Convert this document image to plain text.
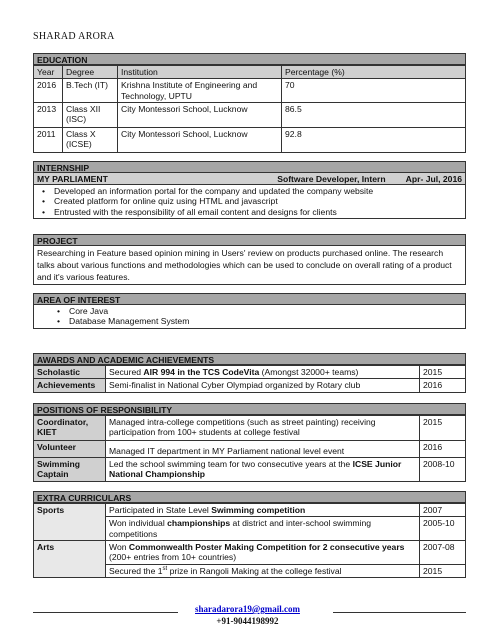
SHARAD ARORA
EDUCATION
Year	Degree	Institution	Percentage (%)
2016	B.Tech (IT)	Krishna Institute of Engineering and Technology, UPTU	70
2013	Class XII (ISC)	City Montessori School, Lucknow	86.5
2011	Class X (ICSE)	City Montessori School, Lucknow	92.8
INTERNSHIP
MY PARLIAMENT	Software Developer, Intern Apr- Jul, 2016
• Developed an information portal for the company and updated the company website
• Created platform for online quiz using HTML and javascript
• Entrusted with the responsibility of all email content and designs for clients
PROJECT
Researching in Feature based opinion mining in Users' review on products purchased online. The research talks about various functions and methodologies which can be used to conclude on overall rating of a product and it's various features.
AREA OF INTEREST
• Core Java
• Database Management System
AWARDS AND ACADEMIC ACHIEVEMENTS
Scholastic	Secured AIR 994 in the TCS CodeVita (Amongst 32000+ teams)	2015
Achievements	Semi-finalist in National Cyber Olympiad organized by Rotary club	2016
POSITIONS OF RESPONSIBILITY
Coordinator, KIET	Managed intra-college competitions (such as street painting) receiving participation from 100+ students at college festival	2015
Volunteer	Managed IT department in MY Parliament national level event	2016
Swimming Captain	Led the school swimming team for two consecutive years at the ICSE Junior National Championship	2008-10
EXTRA CURRICULARS
Sports	Participated in State Level Swimming competition	2007
	Won individual championships at district and inter-school swimming competitions	2005-10
Arts	Won Commonwealth Poster Making Competition for 2 consecutive years (200+ entries from 10+ countries)	2007-08
	Secured the 1st prize in Rangoli Making at the college festival	2015
sharadarora19@gmail.com
+91-9044198992
